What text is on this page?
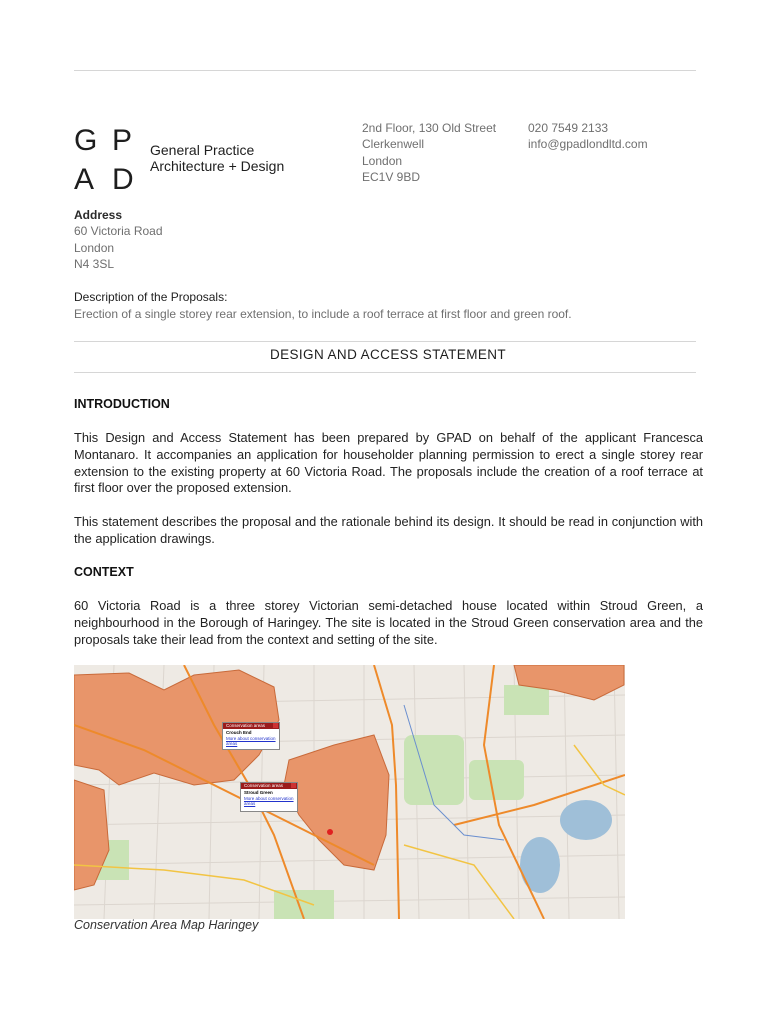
G P
A D
General Practice
Architecture + Design
2nd Floor, 130 Old Street
Clerkenwell
London
EC1V 9BD
020 7549 2133
info@gpadlondltd.com
Address
60 Victoria Road
London
N4 3SL
Description of the Proposals:
Erection of a single storey rear extension, to include a roof terrace at first floor and green roof.
DESIGN AND ACCESS STATEMENT
INTRODUCTION

This Design and Access Statement has been prepared by GPAD on behalf of the applicant Francesca Montanaro. It accompanies an application for householder planning permission to erect a single storey rear extension to the existing property at 60 Victoria Road. The proposals include the creation of a roof terrace at first floor over the proposed extension.

This statement describes the proposal and the rationale behind its design. It should be read in conjunction with the application drawings.

CONTEXT

60 Victoria Road is a three storey Victorian semi-detached house located within Stroud Green, a neighbourhood in the Borough of Haringey. The site is located in the Stroud Green conservation area and the proposals take their lead from the context and setting of the site.

Conservation areas
Crouch End
More about conservation
areas
Conservation areas
Stroud Green
More about conservation
areas
Conservation Area Map Haringey
